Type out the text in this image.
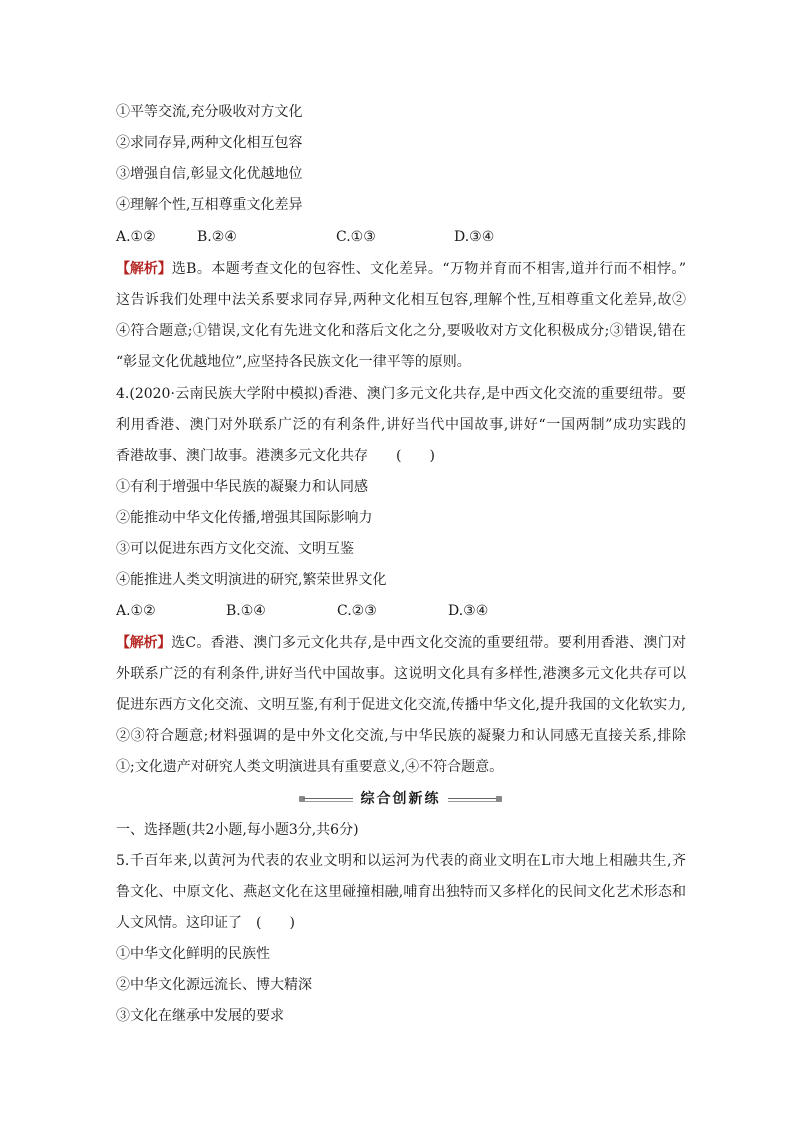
①平等交流,充分吸收对方文化
②求同存异,两种文化相互包容
③增强自信,彰显文化优越地位
④理解个性,互相尊重文化差异
A.①②	B.②④	C.①③	D.③④
【解析】选B。本题考查文化的包容性、文化差异。“万物并育而不相害,道并行而不相悖。”
这告诉我们处理中法关系要求同存异,两种文化相互包容,理解个性,互相尊重文化差异,故②
④符合题意;①错误,文化有先进文化和落后文化之分,要吸收对方文化积极成分;③错误,错在
“彰显文化优越地位”,应坚持各民族文化一律平等的原则。
4.(2020·云南民族大学附中模拟)香港、澳门多元文化共存,是中西文化交流的重要纽带。要
利用香港、澳门对外联系广泛的有利条件,讲好当代中国故事,讲好“一国两制”成功实践的
香港故事、澳门故事。港澳多元文化共存　　(　　)
①有利于增强中华民族的凝聚力和认同感
②能推动中华文化传播,增强其国际影响力
③可以促进东西方文化交流、文明互鉴
④能推进人类文明演进的研究,繁荣世界文化
A.①②	B.①④	C.②③	D.③④
【解析】选C。香港、澳门多元文化共存,是中西文化交流的重要纽带。要利用香港、澳门对
外联系广泛的有利条件,讲好当代中国故事。这说明文化具有多样性,港澳多元文化共存可以
促进东西方文化交流、文明互鉴,有利于促进文化交流,传播中华文化,提升我国的文化软实力,
②③符合题意;材料强调的是中外文化交流,与中华民族的凝聚力和认同感无直接关系,排除
①;文化遗产对研究人类文明演进具有重要意义,④不符合题意。
综合创新练
一、选择题(共2小题,每小题3分,共6分)
5.千百年来,以黄河为代表的农业文明和以运河为代表的商业文明在L市大地上相融共生,齐
鲁文化、中原文化、燕赵文化在这里碰撞相融,哺育出独特而又多样化的民间文化艺术形态和
人文风情。这印证了　(　　)
①中华文化鲜明的民族性
②中华文化源远流长、博大精深
③文化在继承中发展的要求
